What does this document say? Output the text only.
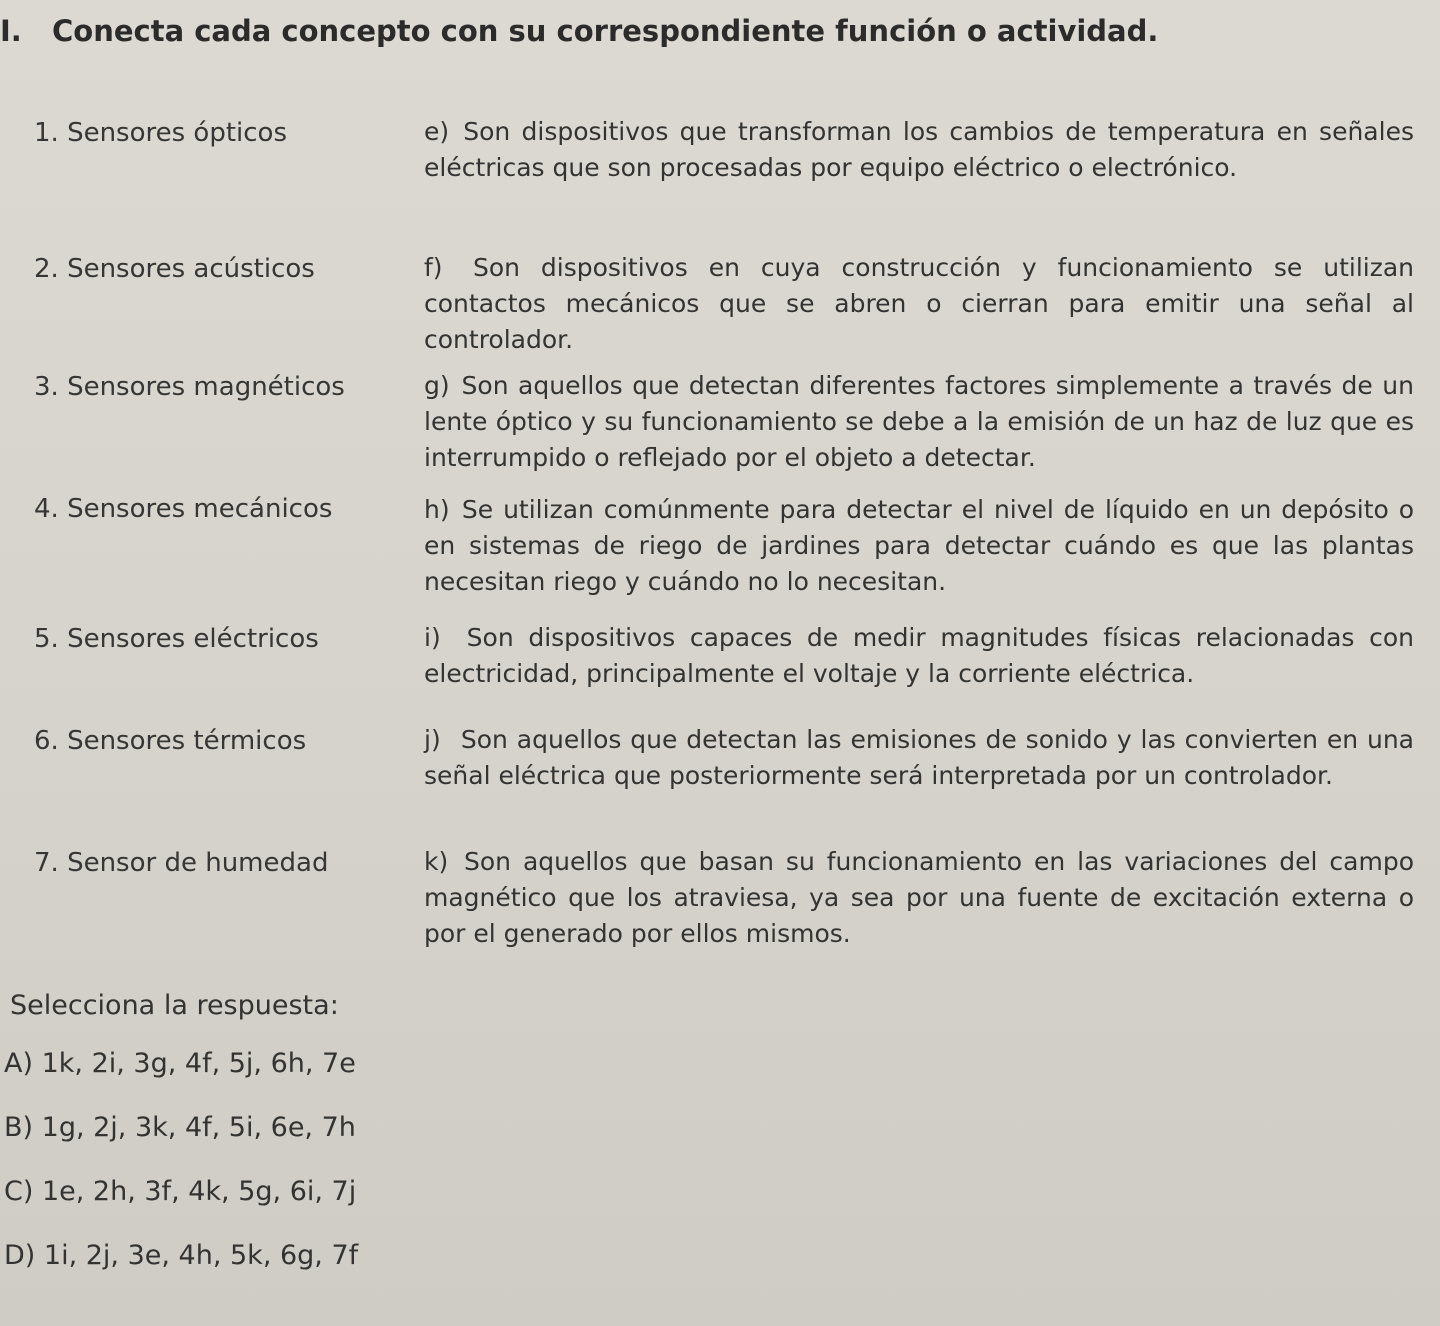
I. Conecta cada concepto con su correspondiente función o actividad.
1. Sensores ópticos
2. Sensores acústicos
3. Sensores magnéticos
4. Sensores mecánicos
5. Sensores eléctricos
6. Sensores térmicos
7. Sensor de humedad
e) Son dispositivos que transforman los cambios de temperatura en señales eléctricas que son procesadas por equipo eléctrico o electrónico.
f) Son dispositivos en cuya construcción y funcionamiento se utilizan contactos mecánicos que se abren o cierran para emitir una señal al controlador.
g) Son aquellos que detectan diferentes factores simplemente a través de un lente óptico y su funcionamiento se debe a la emisión de un haz de luz que es interrumpido o reflejado por el objeto a detectar.
h) Se utilizan comúnmente para detectar el nivel de líquido en un depósito o en sistemas de riego de jardines para detectar cuándo es que las plantas necesitan riego y cuándo no lo necesitan.
i) Son dispositivos capaces de medir magnitudes físicas relacionadas con electricidad, principalmente el voltaje y la corriente eléctrica.
j) Son aquellos que detectan las emisiones de sonido y las convierten en una señal eléctrica que posteriormente será interpretada por un controlador.
k) Son aquellos que basan su funcionamiento en las variaciones del campo magnético que los atraviesa, ya sea por una fuente de excitación externa o por el generado por ellos mismos.
Selecciona la respuesta:
A) 1k, 2i, 3g, 4f, 5j, 6h, 7e
B) 1g, 2j, 3k, 4f, 5i, 6e, 7h
C) 1e, 2h, 3f, 4k, 5g, 6i, 7j
D) 1i, 2j, 3e, 4h, 5k, 6g, 7f
